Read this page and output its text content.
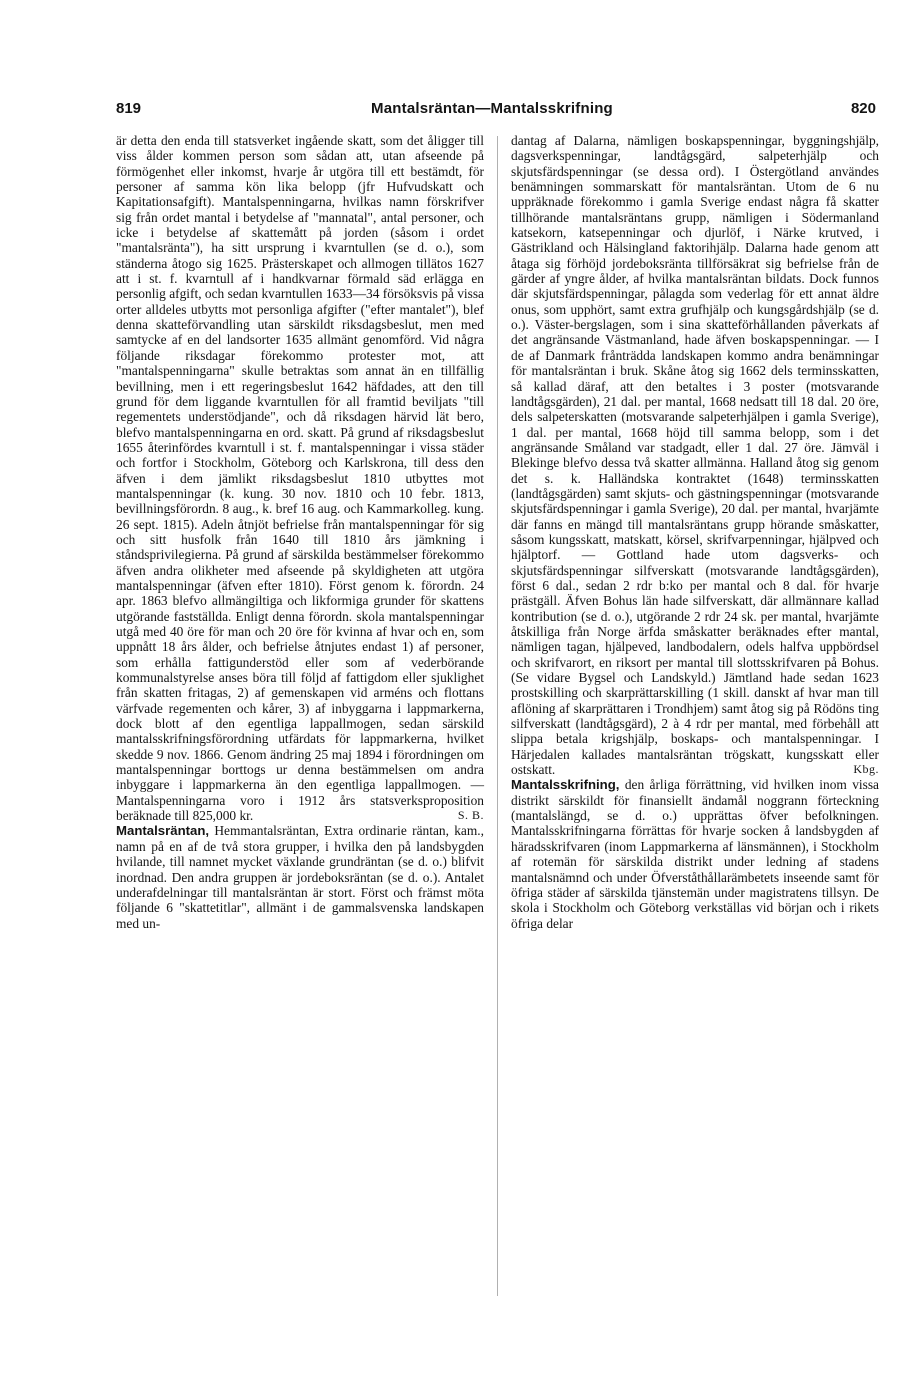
819	Mantalsräntan—Mantalsskrifning	820

är detta den enda till statsverket ingående skatt, som det åligger till viss ålder kommen person som sådan att, utan afseende på förmögenhet eller inkomst, hvarje år utgöra till ett bestämdt, för personer af samma kön lika belopp (jfr Hufvudskatt och Kapitationsafgift). Mantalspenningarna, hvilkas namn förskrifver sig från ordet mantal i betydelse af "mannatal", antal personer, och icke i betydelse af skattemått på jorden (såsom i ordet "mantalsränta"), ha sitt ursprung i kvarntullen (se d. o.), som ständerna åtogo sig 1625. Prästerskapet och allmogen tillätos 1627 att i st. f. kvarntull af i handkvarnar förmald säd erlägga en personlig afgift, och sedan kvarntullen 1633—34 försöksvis på vissa orter alldeles utbytts mot personliga afgifter ("efter mantalet"), blef denna skatteförvandling utan särskildt riksdagsbeslut, men med samtycke af en del landsorter 1635 allmänt genomförd. Vid några följande riksdagar förekommo protester mot, att "mantalspenningarna" skulle betraktas som annat än en tillfällig bevillning, men i ett regeringsbeslut 1642 häfdades, att den till grund för dem liggande kvarntullen för all framtid beviljats "till regementets understödjande", och då riksdagen härvid lät bero, blefvo mantalspenningarna en ord. skatt. På grund af riksdagsbeslut 1655 återinfördes kvarntull i st. f. mantalspenningar i vissa städer och fortfor i Stockholm, Göteborg och Karlskrona, till dess den äfven i dem jämlikt riksdagsbeslut 1810 utbyttes mot mantalspenningar (k. kung. 30 nov. 1810 och 10 febr. 1813, bevillningsförordn. 8 aug., k. bref 16 aug. och Kammarkolleg. kung. 26 sept. 1815). Adeln åtnjöt befrielse från mantalspenningar för sig och sitt husfolk från 1640 till 1810 års jämkning i ståndsprivilegierna. På grund af särskilda bestämmelser förekommo äfven andra olikheter med afseende på skyldigheten att utgöra mantalspenningar (äfven efter 1810). Först genom k. förordn. 24 apr. 1863 blefvo allmängiltiga och likformiga grunder för skattens utgörande fastställda. Enligt denna förordn. skola mantalspenningar utgå med 40 öre för man och 20 öre för kvinna af hvar och en, som uppnått 18 års ålder, och befrielse åtnjutes endast 1) af personer, som erhålla fattigunderstöd eller som af vederbörande kommunalstyrelse anses böra till följd af fattigdom eller sjuklighet från skatten fritagas, 2) af gemenskapen vid arméns och flottans värfvade regementen och kårer, 3) af inbyggarna i lappmarkerna, dock blott af den egentliga lappallmogen, sedan särskild mantalsskrifningsförordning utfärdats för lappmarkerna, hvilket skedde 9 nov. 1866. Genom ändring 25 maj 1894 i förordningen om mantalspenningar borttogs ur denna bestämmelsen om andra inbyggare i lappmarkerna än den egentliga lappallmogen. — Mantalspenningarna voro i 1912 års statsverksproposition beräknade till 825,000 kr.	S. B.

Mantalsräntan, Hemmantalsräntan, Extra ordinarie räntan, kam., namn på en af de två stora grupper, i hvilka den på landsbygden hvilande, till namnet mycket växlande grundräntan (se d. o.) blifvit inordnad. Den andra gruppen är jordeboksräntan (se d. o.). Antalet underafdelningar till mantalsräntan är stort. Först och främst möta följande 6 "skattetitlar", allmänt i de gammalsvenska landskapen med un-

dantag af Dalarna, nämligen boskapspenningar, byggningshjälp, dagsverkspenningar, landtågsgärd, salpeterhjälp och skjutsfärdspenningar (se dessa ord). I Östergötland användes benämningen sommarskatt för mantalsräntan. Utom de 6 nu uppräknade förekommo i gamla Sverige endast några få skatter tillhörande mantalsräntans grupp, nämligen i Södermanland katsekorn, katsepenningar och djurlöf, i Närke krutved, i Gästrikland och Hälsingland faktorihjälp. Dalarna hade genom att åtaga sig förhöjd jordeboksränta tillförsäkrat sig befrielse från de gärder af yngre ålder, af hvilka mantalsräntan bildats. Dock funnos där skjutsfärdspenningar, pålagda som vederlag för ett annat äldre onus, som upphört, samt extra grufhjälp och kungsgårdshjälp (se d. o.). Väster-bergslagen, som i sina skatteförhållanden påverkats af det angränsande Västmanland, hade äfven boskapspenningar. — I de af Danmark frånträdda landskapen kommo andra benämningar för mantalsräntan i bruk. Skåne åtog sig 1662 dels terminsskatten, så kallad däraf, att den betaltes i 3 poster (motsvarande landtågsgärden), 21 dal. per mantal, 1668 nedsatt till 18 dal. 20 öre, dels salpeterskatten (motsvarande salpeterhjälpen i gamla Sverige), 1 dal. per mantal, 1668 höjd till samma belopp, som i det angränsande Småland var stadgadt, eller 1 dal. 27 öre. Jämväl i Blekinge blefvo dessa två skatter allmänna. Halland åtog sig genom det s. k. Halländska kontraktet (1648) terminsskatten (landtågsgärden) samt skjuts- och gästningspenningar (motsvarande skjutsfärdspenningar i gamla Sverige), 20 dal. per mantal, hvarjämte där fanns en mängd till mantalsräntans grupp hörande småskatter, såsom kungsskatt, matskatt, körsel, skrifvarpenningar, hjälpved och hjälptorf. — Gottland hade utom dagsverks- och skjutsfärdspenningar silfverskatt (motsvarande landtågsgärden), först 6 dal., sedan 2 rdr b:ko per mantal och 8 dal. för hvarje prästgäll. Äfven Bohus län hade silfverskatt, där allmännare kallad kontribution (se d. o.), utgörande 2 rdr 24 sk. per mantal, hvarjämte åtskilliga från Norge ärfda småskatter beräknades efter mantal, nämligen tagan, hjälpeved, landbodalern, odels halfva uppbördsel och skrifvarort, en riksort per mantal till slottsskrifvaren på Bohus. (Se vidare Bygsel och Landskyld.) Jämtland hade sedan 1623 prostskilling och skarprättarskilling (1 skill. danskt af hvar man till aflöning af skarprättaren i Trondhjem) samt åtog sig på Rödöns ting silfverskatt (landtågsgärd), 2 à 4 rdr per mantal, med förbehåll att slippa betala krigshjälp, boskaps- och mantalspenningar. I Härjedalen kallades mantalsräntan trögskatt, kungsskatt eller ostskatt.	Kbg.

Mantalsskrifning, den årliga förrättning, vid hvilken inom vissa distrikt särskildt för finansiellt ändamål noggrann förteckning (mantalslängd, se d. o.) upprättas öfver befolkningen. Mantalsskrifningarna förrättas för hvarje socken å landsbygden af häradsskrifvaren (inom Lappmarkerna af länsmännen), i Stockholm af rotemän för särskilda distrikt under ledning af stadens mantalsnämnd och under Öfverståthållarämbetets inseende samt för öfriga städer af särskilda tjänstemän under magistratens tillsyn. De skola i Stockholm och Göteborg verkställas vid början och i rikets öfriga delar
